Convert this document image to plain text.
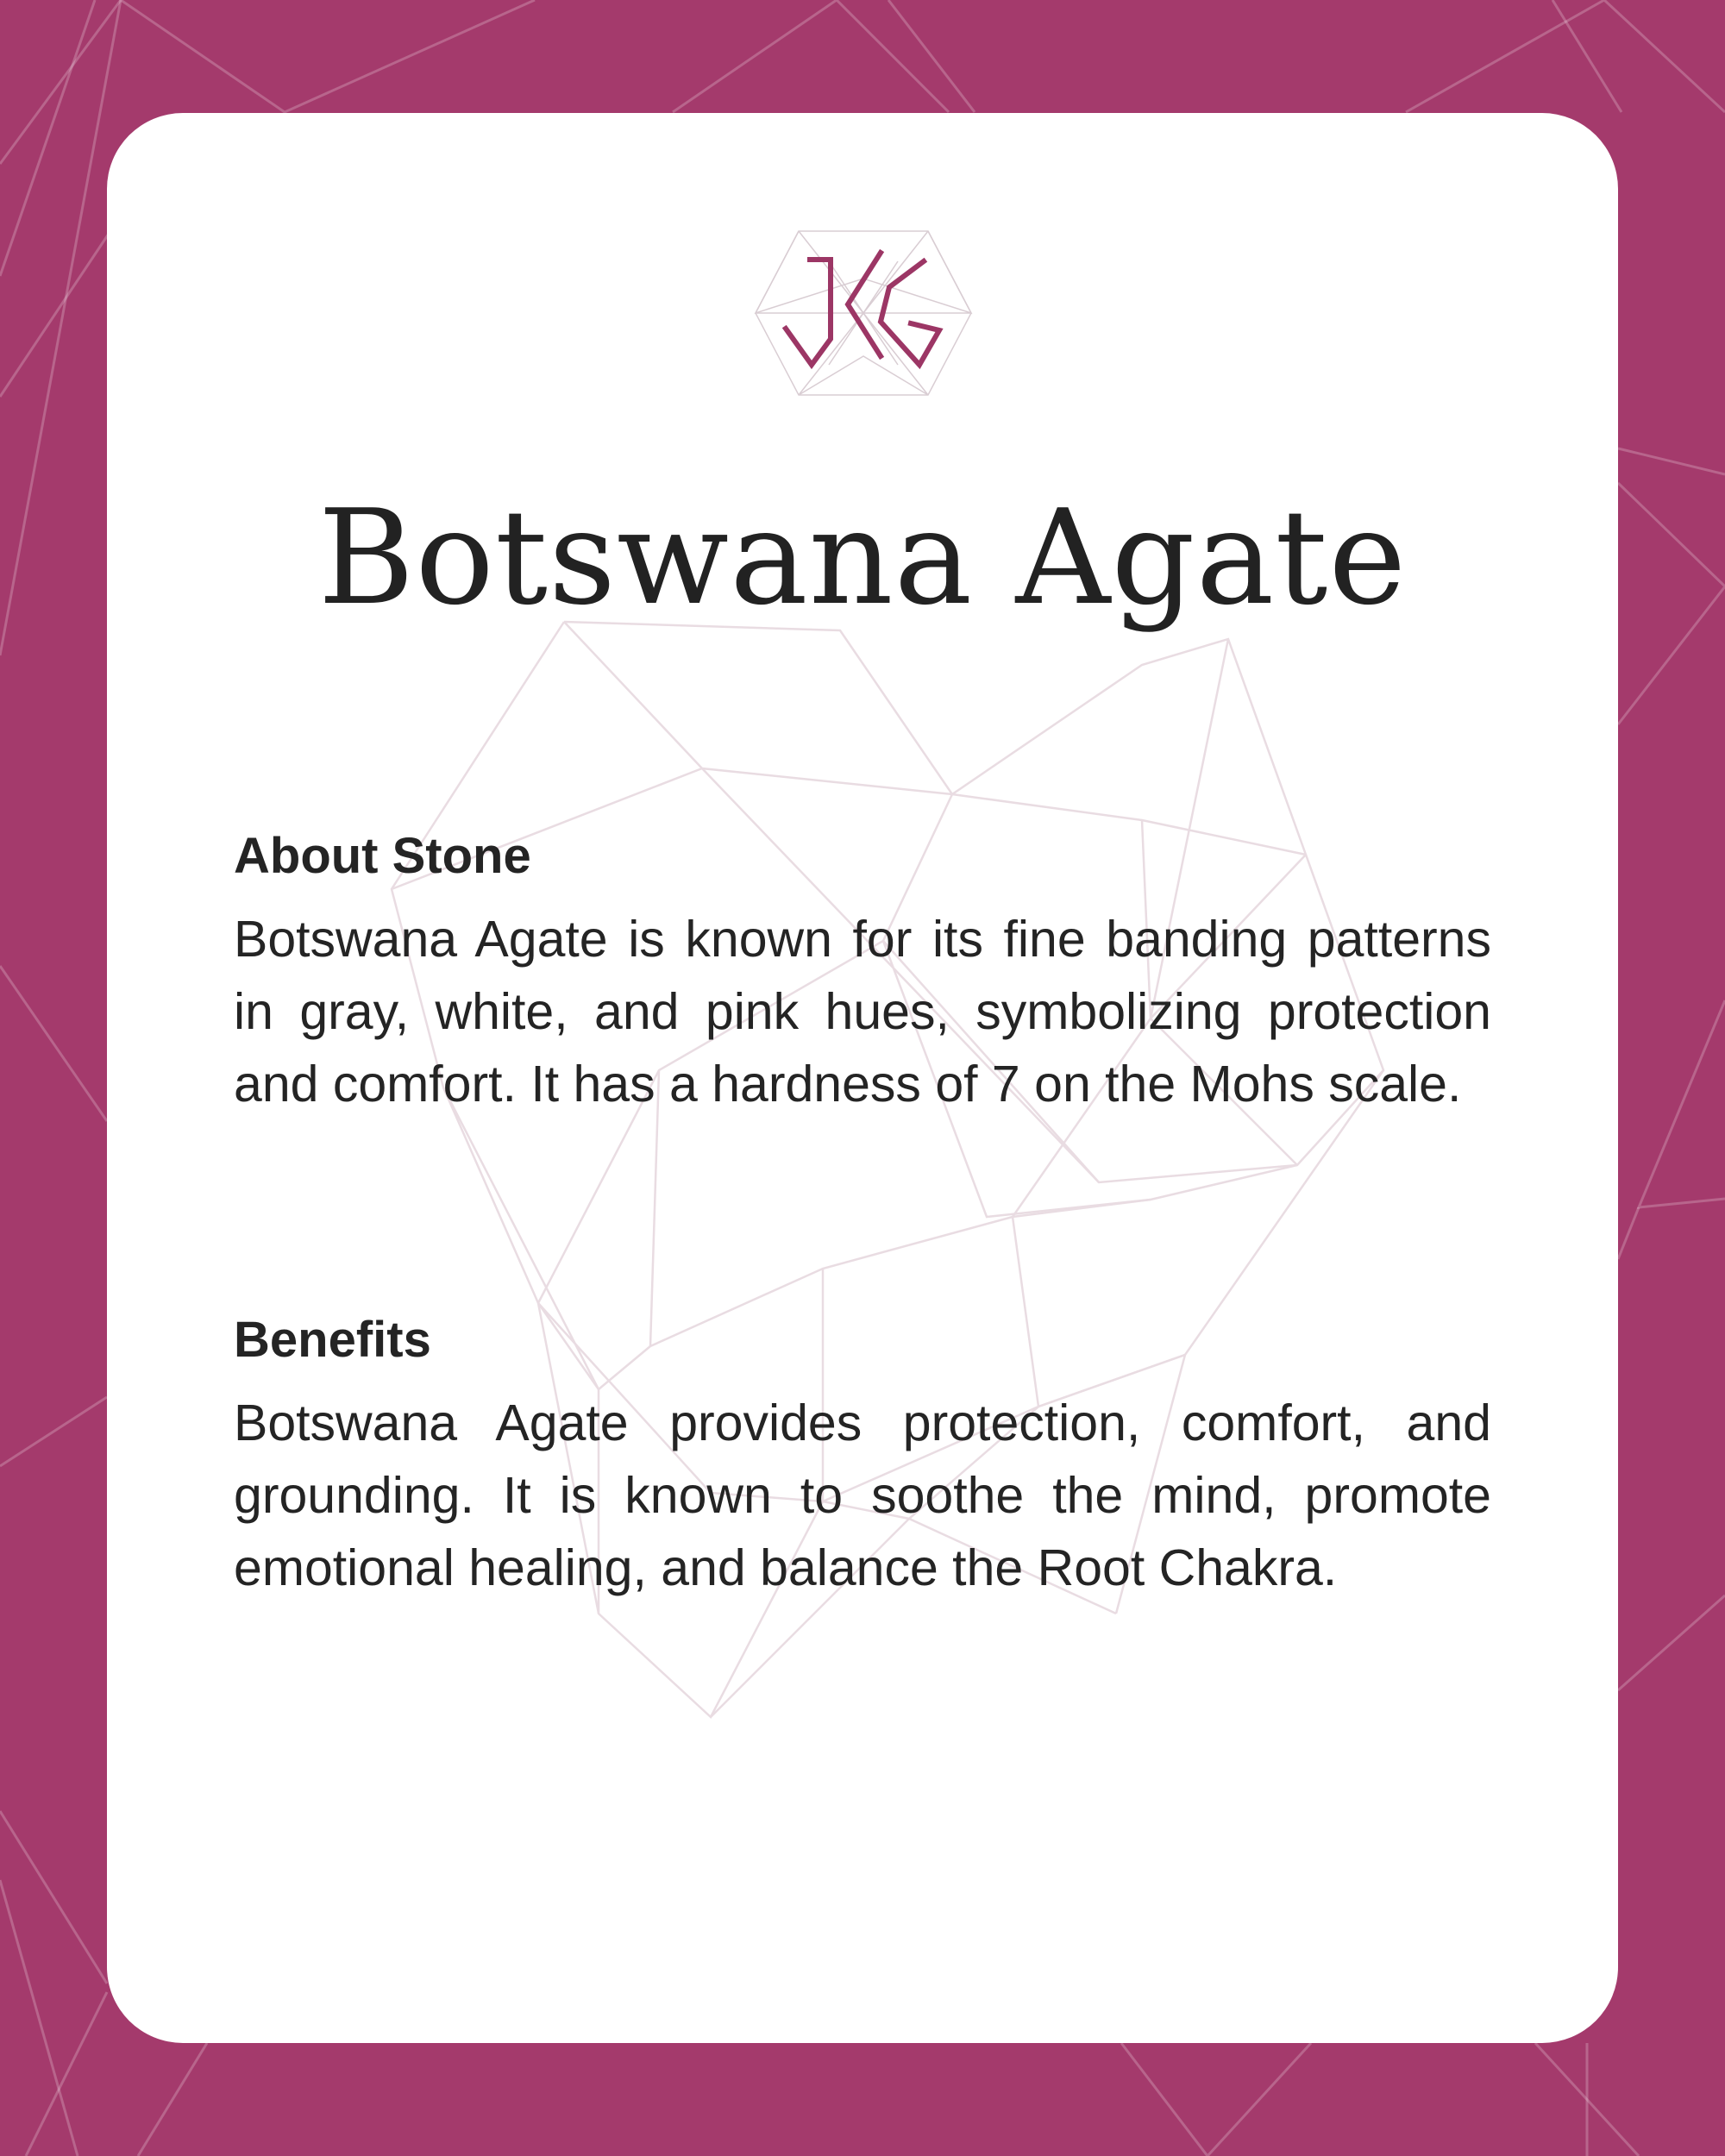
Botswana Agate
About Stone

Botswana Agate is known for its fine banding patterns in gray, white, and pink hues, symbolizing protection and comfort. It has a hardness of 7 on the Mohs scale.

Benefits

Botswana Agate provides protection, comfort, and grounding. It is known to soothe the mind, promote emotional healing, and balance the Root Chakra.
